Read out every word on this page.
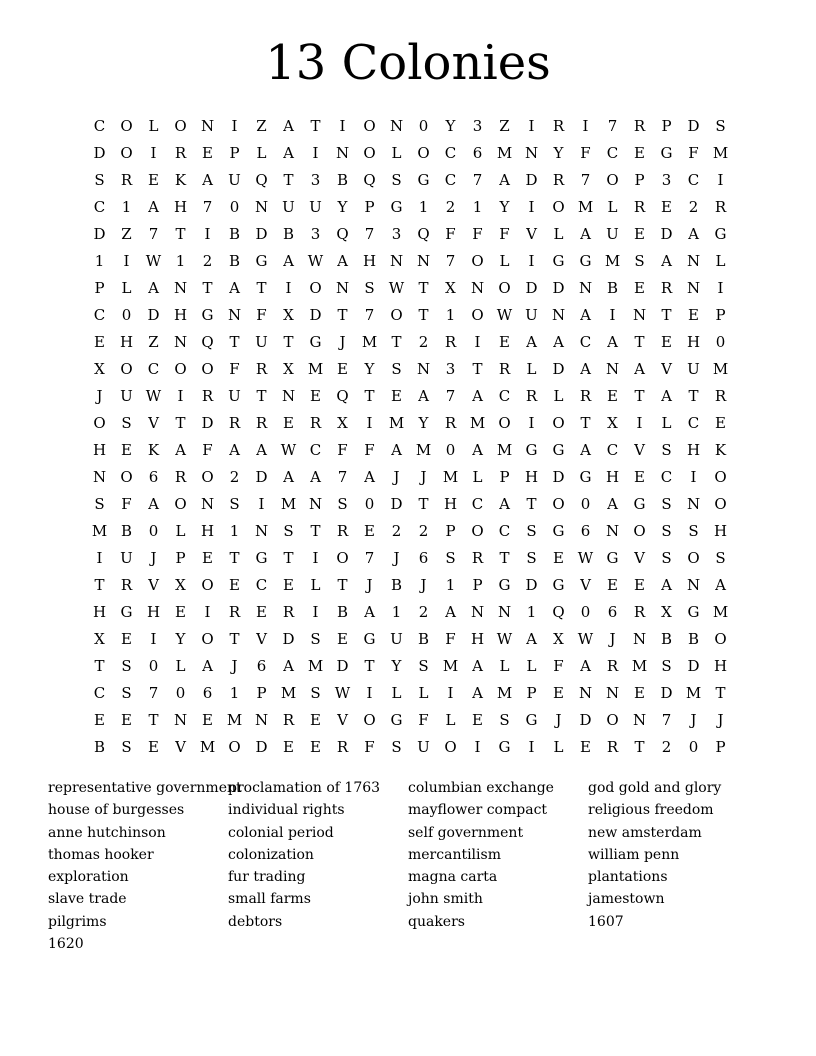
13 Colonies
C	O	L	O N	I	Z	A	T	I	O N	0	Y	3	Z	I	R	I	7	R	P	D	S
D O	I	R	E	P	L	A	I	N O	L	O	C	6 M N	Y	F	C	E	G	F M
S	R	E	K	A	U Q	T	3	B	Q	S	G	C	7	A	D	R	7	O	P	3	C	I
C	1	A	H	7	0	N U U	Y	P	G	1	2	1	Y	I	O M L	R	E	2	R
D	Z	7	T	I	B	D	B	3	Q	7	3	Q	F	F	F	V	L	A	U	E	D	A	G
1	I	W 1	2	B	G	A W A	H N N	7	O	L	I	G	G M S	A	N	L
P	L	A	N	T	A	T	I	O N	S W T	X	N O D D N B	E	R N	I
C	0	D H G N	F	X	D	T	7	O	T	1	O W U N	A	I	N	T	E	P
E H	Z	N Q	T	U	T	G	J	M T	2	R	I	E	A	A	C	A	T	E H	0
X	O	C	O O	F	R	X M E	Y	S	N	3	T	R	L	D	A	N	A	V	U M
J	U W	I	R	U	T	N E	Q	T	E	A	7	A	C	R	L	R	E	T	A	T	R
O	S	V	T	D	R	R	E	R	X	I	M Y	R M O	I	O	T	X	I	L	C	E
H E	K	A	F	A	A W C	F	F	A M 0	A M G	G	A	C	V	S	H K
N O	6	R	O	2	D	A	A	7	A	J	J	M L	P	H D G H E	C	I	O
S	F	A	O N	S	I	M N	S	0	D	T	H C	A	T	O	0	A	G	S	N O
M B	0	L	H	1	N	S	T	R	E	2	2	P	O	C	S	G	6	N O	S	S	H
I	U	J	P	E	T	G	T	I	O	7	J	6	S	R	T	S	E W G	V	S	O	S
T	R	V	X	O	E	C	E	L	T	J	B	J	1	P	G	D G	V	E	E	A	N	A
H G H E	I	R	E	R	I	B	A	1	2	A	N N	1	Q	0	6	R	X	G M
X	E	I	Y	O	T	V	D	S	E	G U	B	F	H W A	X W	J	N B	B	O
T	S	0	L	A	J	6	A M D	T	Y	S M A	L	L	F	A	R M S	D H
C	S	7	0	6	1	P M S W	I	L	L	I	A M P	E N N E	D M T
E	E	T	N E M N R	E	V	O G	F	L	E	S	G	J	D O N	7	J	J
B	S	E	V M O D	E	E	R	F	S	U O	I	G	I	L	E	R	T	2	0	P
representative government
house of burgesses
anne hutchinson
thomas hooker
exploration
slave trade
pilgrims
1620
proclamation of 1763
individual rights
colonial period
colonization
fur trading
small farms
debtors
columbian exchange
mayflower compact
self government
mercantilism
magna carta
john smith
quakers
god gold and glory
religious freedom
new amsterdam
william penn
plantations
jamestown
1607
